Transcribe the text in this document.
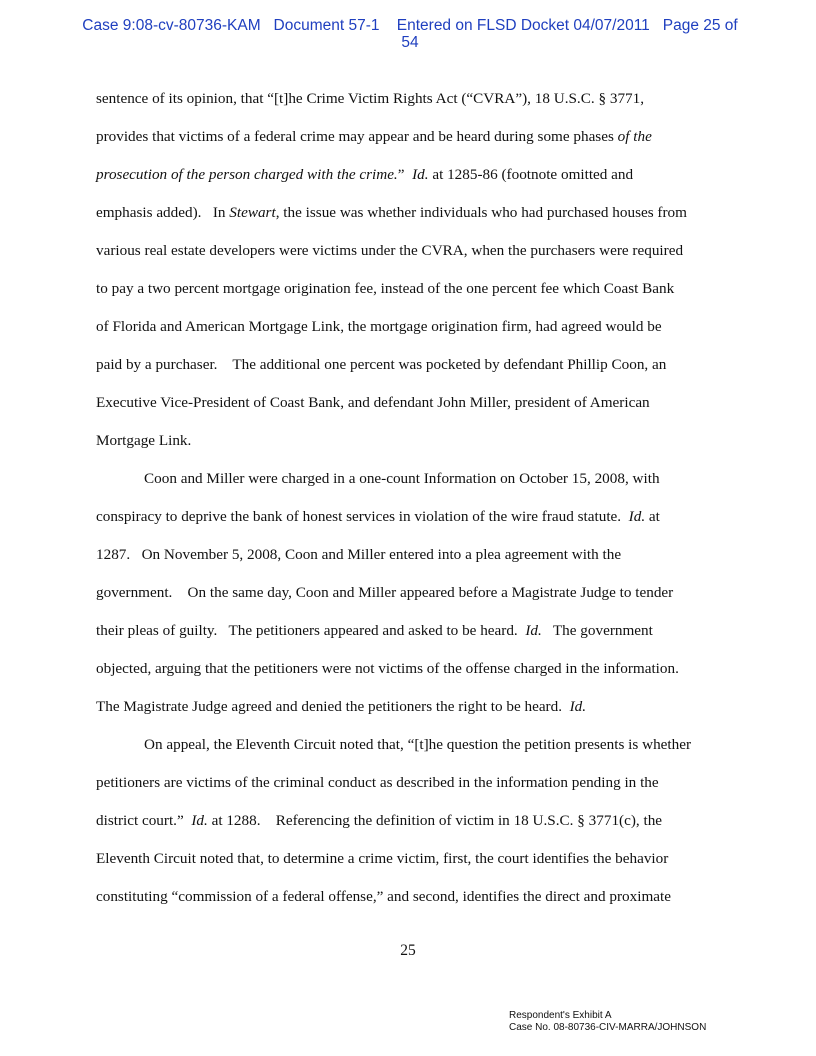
Case 9:08-cv-80736-KAM Document 57-1 Entered on FLSD Docket 04/07/2011 Page 25 of
54
sentence of its opinion, that “[t]he Crime Victim Rights Act (“CVRA”), 18 U.S.C. § 3771,
provides that victims of a federal crime may appear and be heard during some phases of the
prosecution of the person charged with the crime.”  Id. at 1285-86 (footnote omitted and
emphasis added).   In Stewart, the issue was whether individuals who had purchased houses from
various real estate developers were victims under the CVRA, when the purchasers were required
to pay a two percent mortgage origination fee, instead of the one percent fee which Coast Bank
of Florida and American Mortgage Link, the mortgage origination firm, had agreed would be
paid by a purchaser.    The additional one percent was pocketed by defendant Phillip Coon, an
Executive Vice-President of Coast Bank, and defendant John Miller, president of American
Mortgage Link.
Coon and Miller were charged in a one-count Information on October 15, 2008, with
conspiracy to deprive the bank of honest services in violation of the wire fraud statute.  Id. at
1287.   On November 5, 2008, Coon and Miller entered into a plea agreement with the
government.    On the same day, Coon and Miller appeared before a Magistrate Judge to tender
their pleas of guilty.   The petitioners appeared and asked to be heard.  Id.   The government
objected, arguing that the petitioners were not victims of the offense charged in the information.
The Magistrate Judge agreed and denied the petitioners the right to be heard.  Id.
On appeal, the Eleventh Circuit noted that, “[t]he question the petition presents is whether
petitioners are victims of the criminal conduct as described in the information pending in the
district court.”  Id. at 1288.    Referencing the definition of victim in 18 U.S.C. § 3771(c), the
Eleventh Circuit noted that, to determine a crime victim, first, the court identifies the behavior
constituting “commission of a federal offense,” and second, identifies the direct and proximate
25
Respondent's Exhibit A
Case No. 08-80736-CIV-MARRA/JOHNSON
